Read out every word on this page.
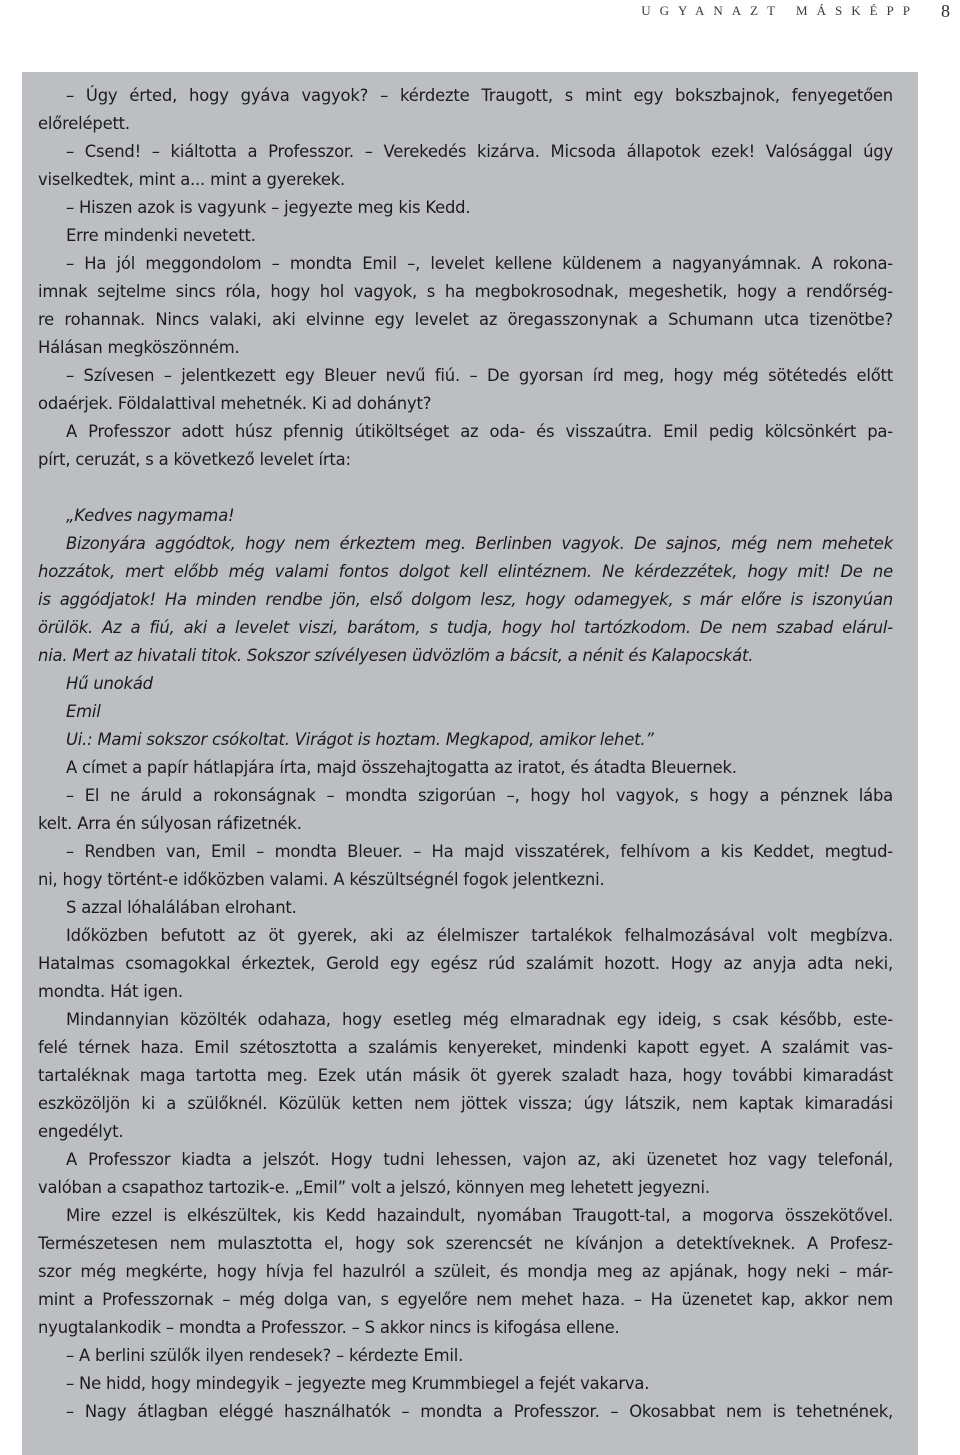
UGYANAZT MÁSKÉPP 8
– Úgy érted, hogy gyáva vagyok? – kérdezte Traugott, s mint egy bokszbajnok, fenyegetően
előrelépett.
– Csend! – kiáltotta a Professzor. – Verekedés kizárva. Micsoda állapotok ezek! Valósággal úgy
viselkedtek, mint a... mint a gyerekek.
– Hiszen azok is vagyunk – jegyezte meg kis Kedd.
Erre mindenki nevetett.
– Ha jól meggondolom – mondta Emil –, levelet kellene küldenem a nagyanyámnak. A rokona-
imnak sejtelme sincs róla, hogy hol vagyok, s ha megbokrosodnak, megeshetik, hogy a rendőrség-
re rohannak. Nincs valaki, aki elvinne egy levelet az öregasszonynak a Schumann utca tizenötbe?
Hálásan megköszönném.
– Szívesen – jelentkezett egy Bleuer nevű fiú. – De gyorsan írd meg, hogy még sötétedés előtt
odaérjek. Földalattival mehetnék. Ki ad dohányt?
A Professzor adott húsz pfennig útiköltséget az oda- és visszaútra. Emil pedig kölcsönkért pa-
pírt, ceruzát, s a következő levelet írta:
„Kedves nagymama!
Bizonyára aggódtok, hogy nem érkeztem meg. Berlinben vagyok. De sajnos, még nem mehetek
hozzátok, mert előbb még valami fontos dolgot kell elintéznem. Ne kérdezzétek, hogy mit! De ne
is aggódjatok! Ha minden rendbe jön, első dolgom lesz, hogy odamegyek, s már előre is iszonyúan
örülök. Az a fiú, aki a levelet viszi, barátom, s tudja, hogy hol tartózkodom. De nem szabad elárul-
nia. Mert az hivatali titok. Sokszor szívélyesen üdvözlöm a bácsit, a nénit és Kalapocskát.
Hű unokád
Emil
Ui.: Mami sokszor csókoltat. Virágot is hoztam. Megkapod, amikor lehet.”
A címet a papír hátlapjára írta, majd összehajtogatta az iratot, és átadta Bleuernek.
– El ne áruld a rokonságnak – mondta szigorúan –, hogy hol vagyok, s hogy a pénznek lába
kelt. Arra én súlyosan ráfizetnék.
– Rendben van, Emil – mondta Bleuer. – Ha majd visszatérek, felhívom a kis Keddet, megtud-
ni, hogy történt-e időközben valami. A készültségnél fogok jelentkezni.
S azzal lóhalálában elrohant.
Időközben befutott az öt gyerek, aki az élelmiszer tartalékok felhalmozásával volt megbízva.
Hatalmas csomagokkal érkeztek, Gerold egy egész rúd szalámit hozott. Hogy az anyja adta neki,
mondta. Hát igen.
Mindannyian közölték odahaza, hogy esetleg még elmaradnak egy ideig, s csak később, este-
felé térnek haza. Emil szétosztotta a szalámis kenyereket, mindenki kapott egyet. A szalámit vas-
tartaléknak maga tartotta meg. Ezek után másik öt gyerek szaladt haza, hogy további kimaradást
eszközöljön ki a szülőknél. Közülük ketten nem jöttek vissza; úgy látszik, nem kaptak kimaradási
engedélyt.
A Professzor kiadta a jelszót. Hogy tudni lehessen, vajon az, aki üzenetet hoz vagy telefonál,
valóban a csapathoz tartozik-e. „Emil” volt a jelszó, könnyen meg lehetett jegyezni.
Mire ezzel is elkészültek, kis Kedd hazaindult, nyomában Traugott-tal, a mogorva összekötővel.
Természetesen nem mulasztotta el, hogy sok szerencsét ne kívánjon a detektíveknek. A Profesz-
szor még megkérte, hogy hívja fel hazulról a szüleit, és mondja meg az apjának, hogy neki – már-
mint a Professzornak – még dolga van, s egyelőre nem mehet haza. – Ha üzenetet kap, akkor nem
nyugtalankodik – mondta a Professzor. – S akkor nincs is kifogása ellene.
– A berlini szülők ilyen rendesek? – kérdezte Emil.
– Ne hidd, hogy mindegyik – jegyezte meg Krummbiegel a fejét vakarva.
– Nagy átlagban eléggé használhatók – mondta a Professzor. – Okosabbat nem is tehetnének,
